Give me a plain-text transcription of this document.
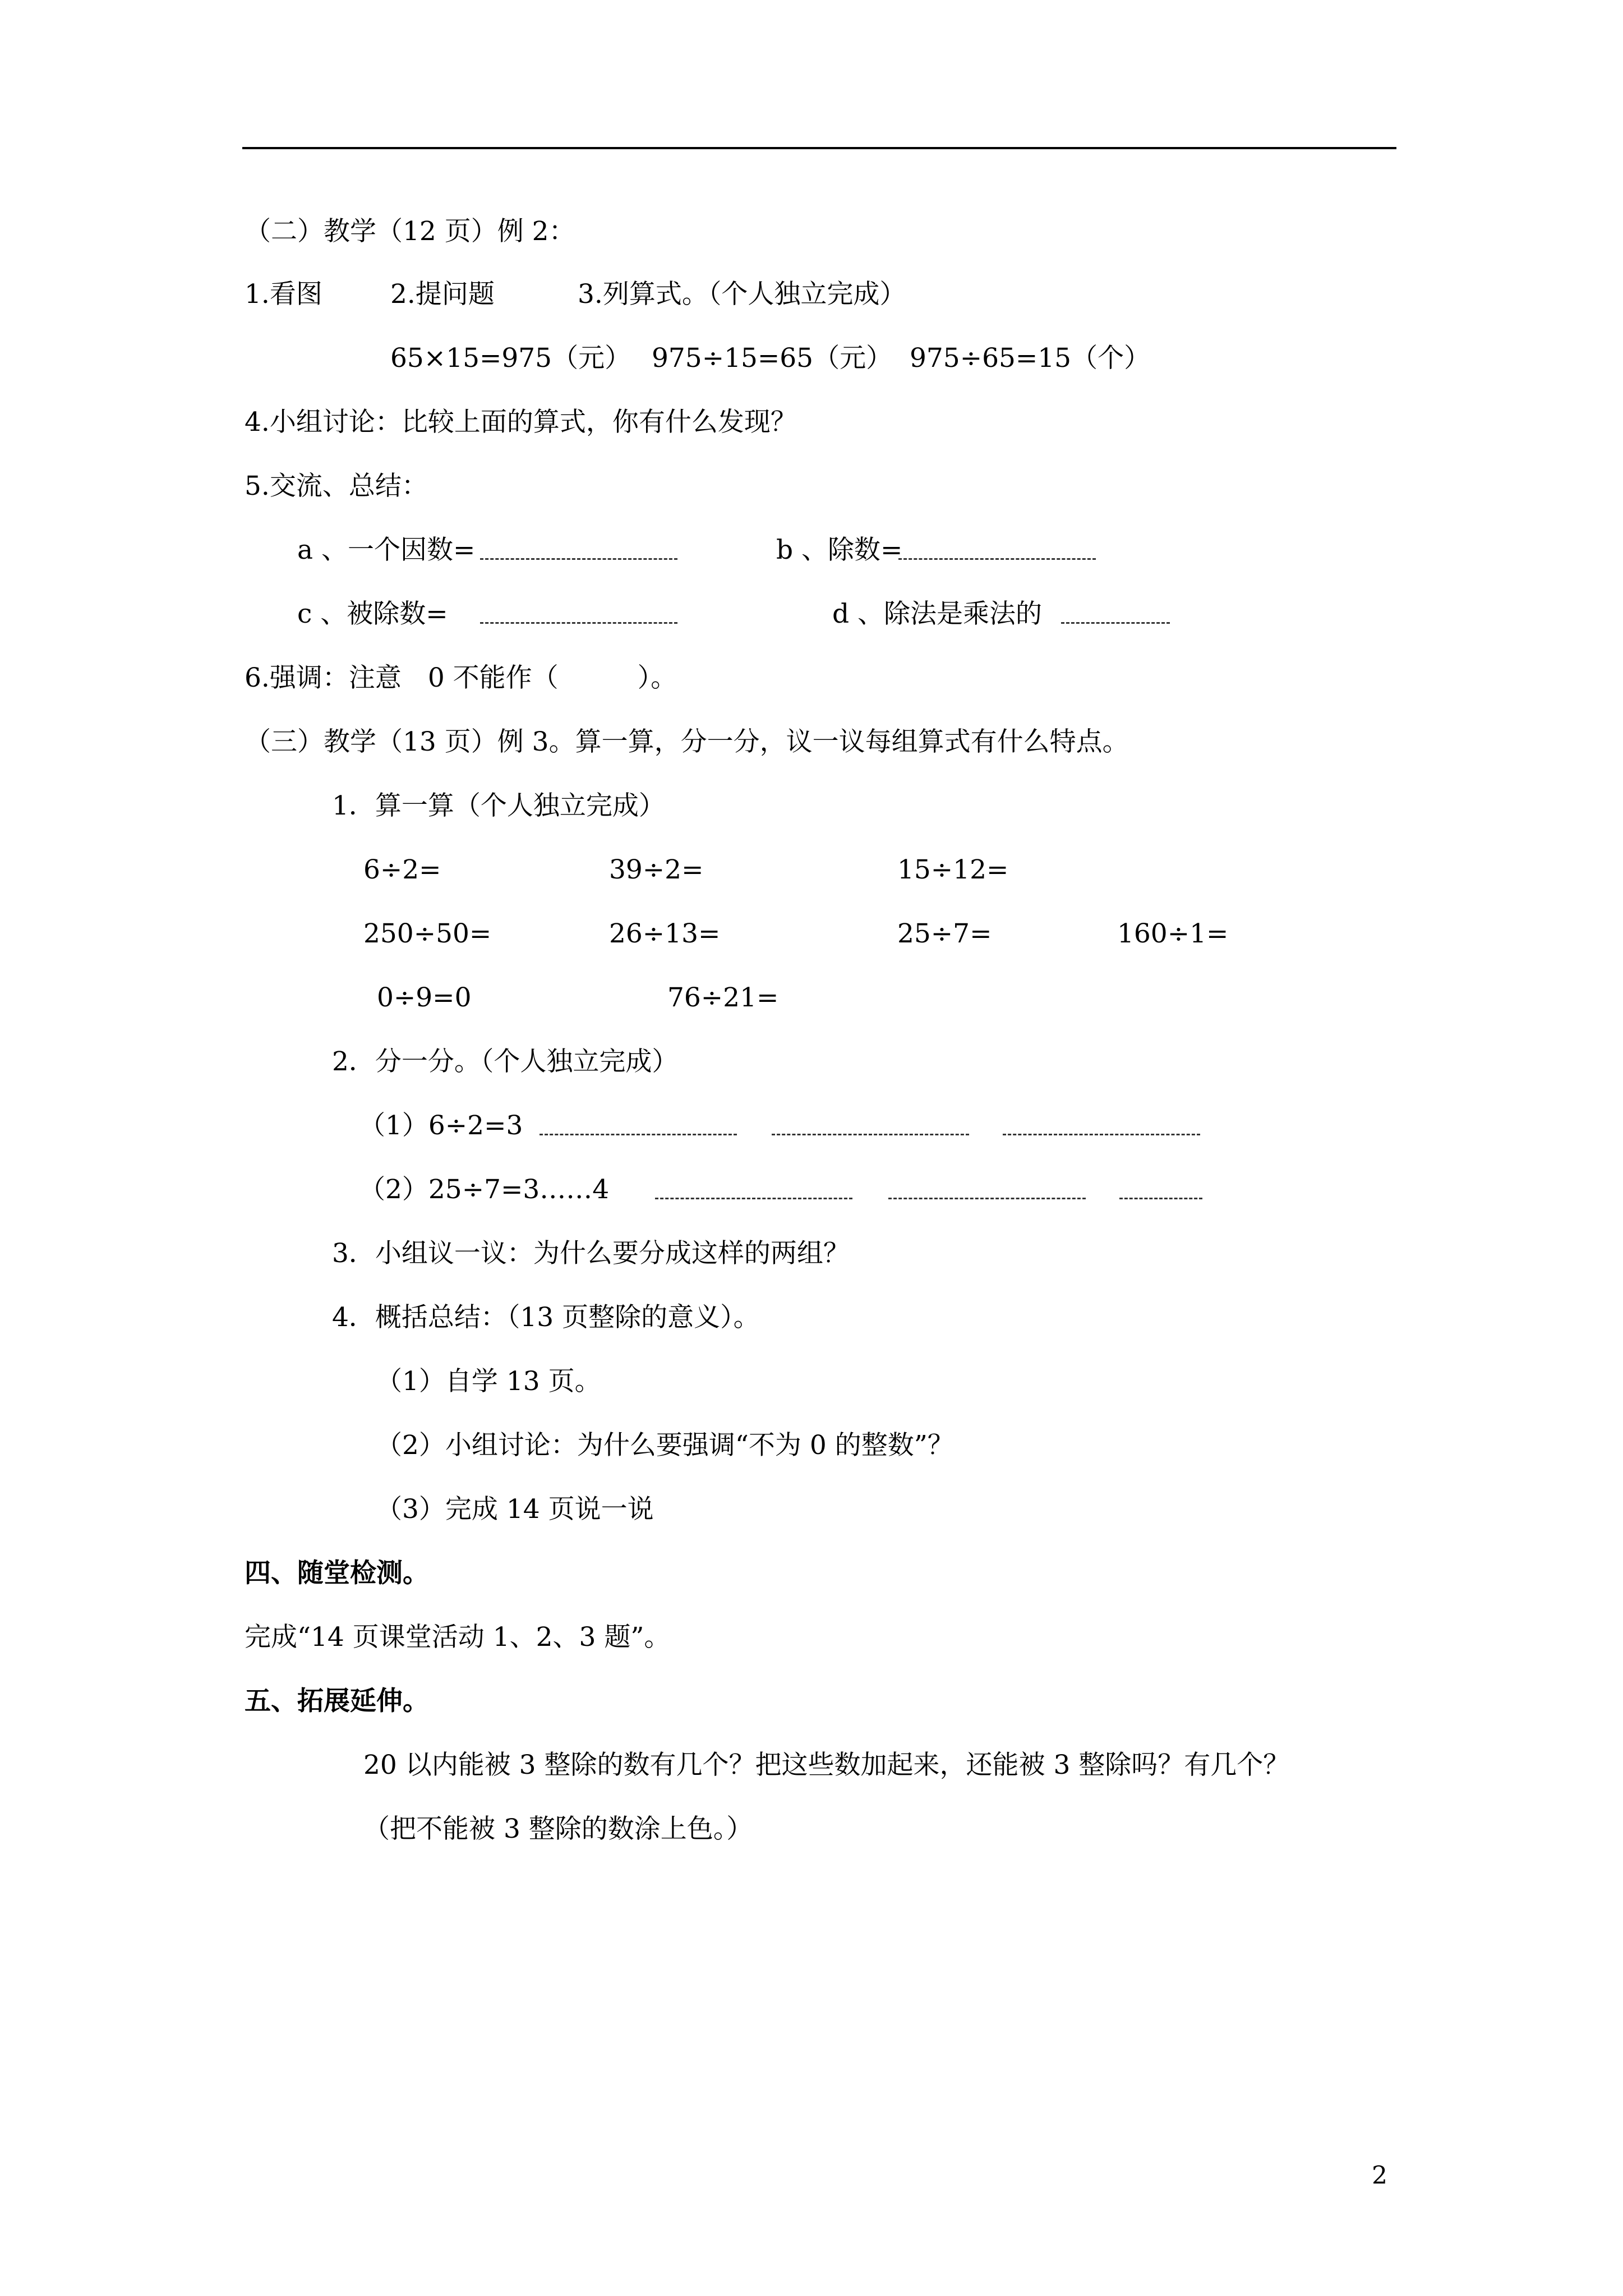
（二）教学（12 页）例 2：
1.看图	2.提问题	3.列算式。（个人独立完成）
65×15=975（元） 975÷15=65（元） 975÷65=15（个）
4.小组讨论：比较上面的算式，你有什么发现？
5.交流、总结：
a 、一个因数=	b 、除数=
c 、被除数=	d 、除法是乘法的
6.强调：注意　0 不能作（　　　）。
（三）教学（13 页）例 3。算一算，分一分，议一议每组算式有什么特点。
1．算一算（个人独立完成）
6÷2=	39÷2=	15÷12=
250÷50=	26÷13=	25÷7=	160÷1=
0÷9=0	76÷21=
2．分一分。（个人独立完成）
（1）6÷2=3
（2）25÷7=3……4
3．小组议一议：为什么要分成这样的两组？
4．概括总结：（13 页整除的意义）。
（1）自学 13 页。
（2）小组讨论：为什么要强调“不为 0 的整数”？
（3）完成 14 页说一说
四、随堂检测。
完成“14 页课堂活动 1、2、3 题”。
五、拓展延伸。
20 以内能被 3 整除的数有几个？把这些数加起来，还能被 3 整除吗？有几个？
（把不能被 3 整除的数涂上色。）
2
